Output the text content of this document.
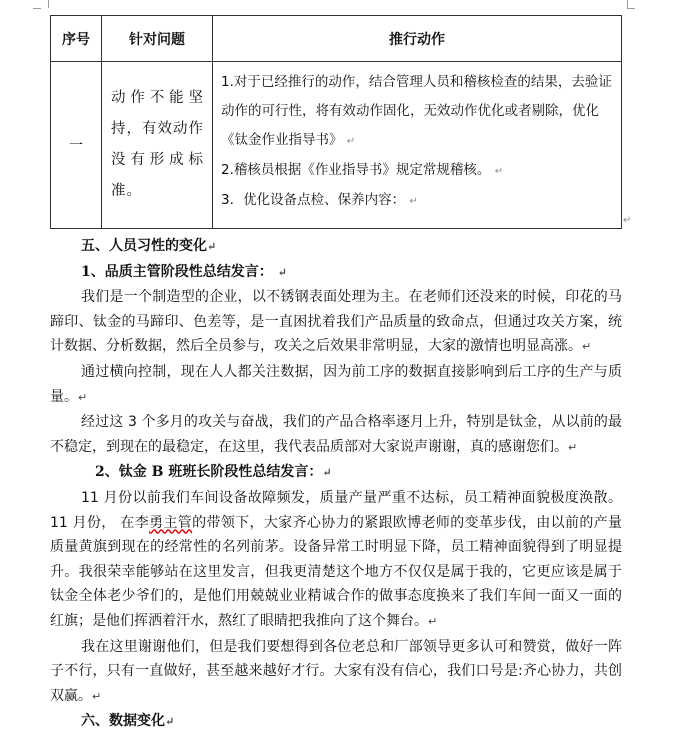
序号	针对问题	推行动作
一	动作不能坚持，有效动作没有形成标准。	1.对于已经推行的动作，结合管理人员和稽核检查的结果，去验证动作的可行性，将有效动作固化，无效动作优化或者剔除，优化《钛金作业指导书》 ↵

2.稽核员根据《作业指导书》规定常规稽核。 ↵

3．优化设备点检、保养内容： ↵

↵

五、人员习性的变化↵

1、品质主管阶段性总结发言： ↵

我们是一个制造型的企业，以不锈钢表面处理为主。在老师们还没来的时候，印花的马蹄印、钛金的马蹄印、色差等，是一直困扰着我们产品质量的致命点，但通过攻关方案，统计数据、分析数据，然后全员参与，攻关之后效果非常明显，大家的激情也明显高涨。↵

通过横向控制，现在人人都关注数据，因为前工序的数据直接影响到后工序的生产与质量。↵

经过这 3 个多月的攻关与奋战，我们的产品合格率逐月上升，特别是钛金，从以前的最不稳定，到现在的最稳定，在这里，我代表品质部对大家说声谢谢，真的感谢您们。↵

2、钛金 B 班班长阶段性总结发言：↵

11 月份以前我们车间设备故障频发，质量产量严重不达标，员工精神面貌极度涣散。11 月份， 在李勇主管的带领下，大家齐心协力的紧跟欧博老师的变革步伐，由以前的产量质量黄旗到现在的经常性的名列前茅。设备异常工时明显下降，员工精神面貌得到了明显提升。我很荣幸能够站在这里发言，但我更清楚这个地方不仅仅是属于我的，它更应该是属于钛金全体老少爷们的，是他们用兢兢业业精诚合作的做事态度换来了我们车间一面又一面的红旗；是他们挥洒着汗水，熬红了眼睛把我推向了这个舞台。↵

我在这里谢谢他们，但是我们要想得到各位老总和厂部领导更多认可和赞赏，做好一阵子不行，只有一直做好，甚至越来越好才行。大家有没有信心，我们口号是:齐心协力，共创双赢。↵

六、数据变化↵
